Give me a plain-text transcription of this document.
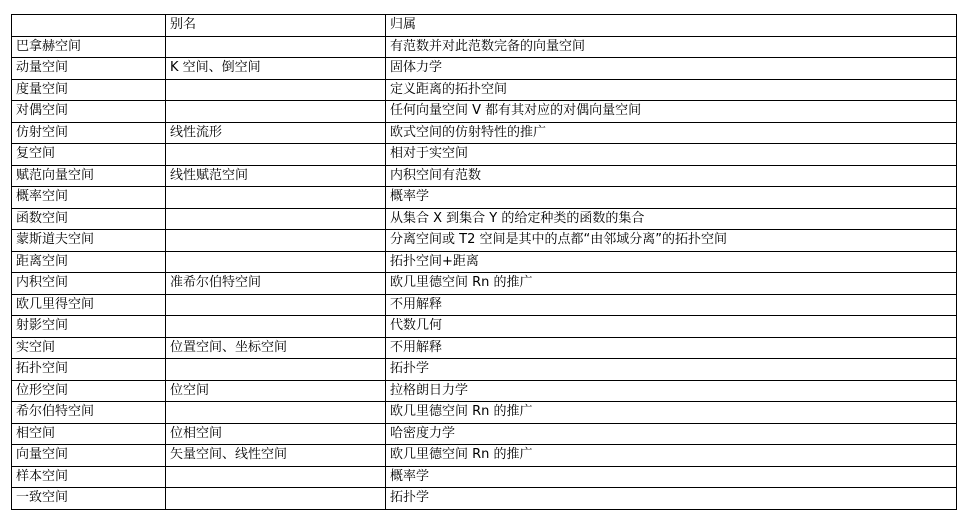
	别名	归属
巴拿赫空间		有范数并对此范数完备的向量空间
动量空间	K 空间、倒空间	固体力学
度量空间		定义距离的拓扑空间
对偶空间		任何向量空间 V 都有其对应的对偶向量空间
仿射空间	线性流形	欧式空间的仿射特性的推广
复空间		相对于实空间
赋范向量空间	线性赋范空间	内积空间有范数
概率空间		概率学
函数空间		从集合 X 到集合 Y 的给定种类的函数的集合
蒙斯道夫空间		分离空间或 T2 空间是其中的点都“由邻域分离”的拓扑空间
距离空间		拓扑空间+距离
内积空间	准希尔伯特空间	欧几里德空间 Rn 的推广
欧几里得空间		不用解释
射影空间		代数几何
实空间	位置空间、坐标空间	不用解释
拓扑空间		拓扑学
位形空间	位空间	拉格朗日力学
希尔伯特空间		欧几里德空间 Rn 的推广
相空间	位相空间	哈密度力学
向量空间	矢量空间、线性空间	欧几里德空间 Rn 的推广
样本空间		概率学
一致空间		拓扑学
